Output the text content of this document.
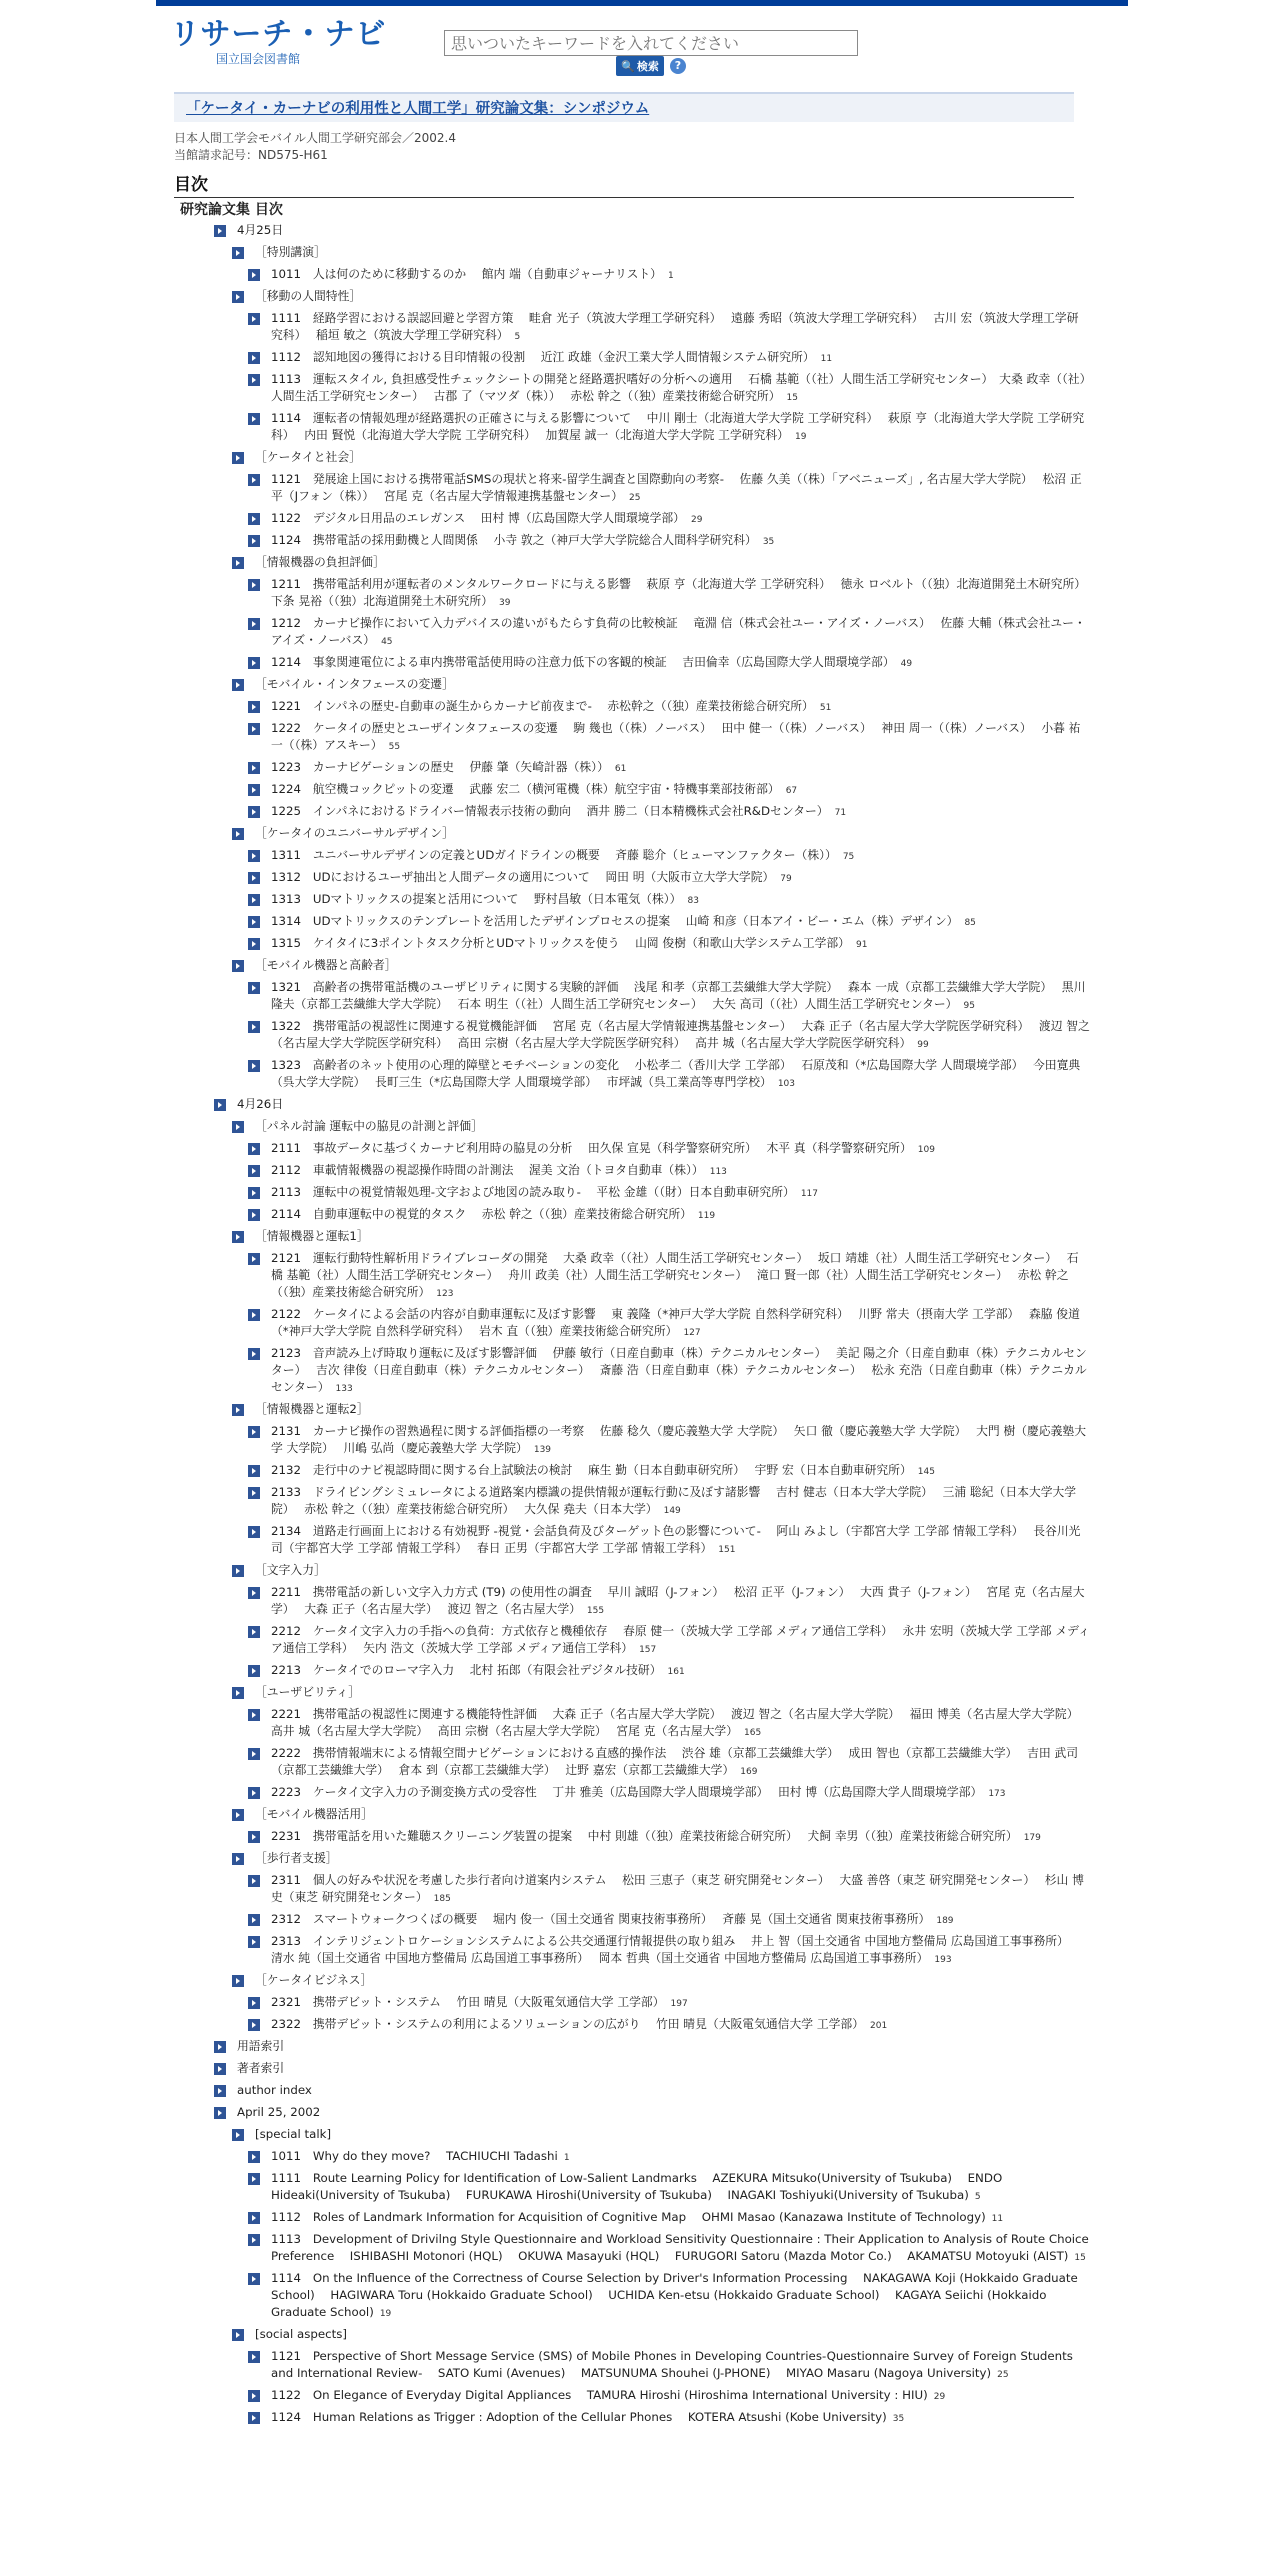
リサーチ・ナビ
国立国会図書館
思いついたキーワードを入れてください	🔍 検索	?
「ケータイ・カーナビの利用性と人間工学」研究論文集：シンポジウム
日本人間工学会モバイル人間工学研究部会／2002.4
当館請求記号：ND575-H61
目次
研究論文集 目次
4月25日
［特別講演］
1011　人は何のために移動するのか　 館内 端（自動車ジャーナリスト） 1
［移動の人間特性］
1111　経路学習における誤認回避と学習方策　 畦倉 光子（筑波大学理工学研究科）　 遠藤 秀昭（筑波大学理工学研究科）　 古川 宏（筑波大学理工学研究科）　 稲垣 敏之（筑波大学理工学研究科） 5
1112　認知地図の獲得における目印情報の役割　 近江 政雄（金沢工業大学人間情報システム研究所） 11
1113　運転スタイル, 負担感受性チェックシートの開発と経路選択嗜好の分析への適用　 石橋 基範（（社）人間生活工学研究センター）　大桑 政幸（（社）人間生活工学研究センター）　 古郡 了（マツダ（株））　 赤松 幹之（（独）産業技術総合研究所） 15
1114　運転者の情報処理が経路選択の正確さに与える影響について　 中川 剛士（北海道大学大学院 工学研究科）　 萩原 亨（北海道大学大学院 工学研究科）　 内田 賢悦（北海道大学大学院 工学研究科）　 加賀屋 誠一（北海道大学大学院 工学研究科） 19
［ケータイと社会］
1121　発展途上国における携帯電話SMSの現状と将来-留学生調査と国際動向の考察-　 佐藤 久美（（株）「アベニューズ」, 名古屋大学大学院）　 松沼 正平（Jフォン（株））　 宮尾 克（名古屋大学情報連携基盤センター） 25
1122　デジタル日用品のエレガンス　 田村 博（広島国際大学人間環境学部） 29
1124　携帯電話の採用動機と人間関係　 小寺 敦之（神戸大学大学院総合人間科学研究科） 35
［情報機器の負担評価］
1211　携帯電話利用が運転者のメンタルワークロードに与える影響　 萩原 亨（北海道大学 工学研究科）　 徳永 ロベルト（（独）北海道開発土木研究所）　 下条 晃裕（（独）北海道開発土木研究所） 39
1212　カーナビ操作において入力デバイスの違いがもたらす負荷の比較検証　 竜淵 信（株式会社ユー・アイズ・ノーバス）　 佐藤 大輔（株式会社ユー・アイズ・ノーバス） 45
1214　事象関連電位による車内携帯電話使用時の注意力低下の客観的検証　 吉田倫幸（広島国際大学人間環境学部） 49
［モバイル・インタフェースの変遷］
1221　インパネの歴史-自動車の誕生からカーナビ前夜まで-　 赤松幹之（（独）産業技術総合研究所） 51
1222　ケータイの歴史とユーザインタフェースの変遷　 駒 幾也（（株）ノーバス）　 田中 健一（（株）ノーバス）　 神田 周一（（株）ノーバス）　 小暮 祐一（（株）アスキー） 55
1223　カーナビゲーションの歴史　 伊藤 肇（矢崎計器（株）） 61
1224　航空機コックピットの変遷　 武藤 宏二（横河電機（株）航空宇宙・特機事業部技術部） 67
1225　インパネにおけるドライバー情報表示技術の動向　 酒井 勝二（日本精機株式会社R&Dセンター） 71
［ケータイのユニバーサルデザイン］
1311　ユニバーサルデザインの定義とUDガイドラインの概要　 斉藤 聡介（ヒューマンファクター（株）） 75
1312　UDにおけるユーザ抽出と人間データの適用について　 岡田 明（大阪市立大学大学院） 79
1313　UDマトリックスの提案と活用について　 野村昌敏（日本電気（株）） 83
1314　UDマトリックスのテンプレートを活用したデザインプロセスの提案　 山崎 和彦（日本アイ・ビー・エム（株）デザイン） 85
1315　ケイタイに3ポイントタスク分析とUDマトリックスを使う　 山岡 俊樹（和歌山大学システム工学部） 91
［モバイル機器と高齢者］
1321　高齢者の携帯電話機のユーザビリティに関する実験的評価　 浅尾 和孝（京都工芸繊維大学大学院）　 森本 一成（京都工芸繊維大学大学院）　 黒川 隆夫（京都工芸繊維大学大学院）　 石本 明生（（社）人間生活工学研究センター）　 大矢 高司（（社）人間生活工学研究センター） 95
1322　携帯電話の視認性に関連する視覚機能評価　 宮尾 克（名古屋大学情報連携基盤センター）　 大森 正子（名古屋大学大学院医学研究科）　 渡辺 智之（名古屋大学大学院医学研究科）　 高田 宗樹（名古屋大学大学院医学研究科）　 高井 城（名古屋大学大学院医学研究科） 99
1323　高齢者のネット使用の心理的障壁とモチベーションの変化　 小松孝二（香川大学 工学部）　 石原茂和（*広島国際大学 人間環境学部）　 今田寛典（呉大学大学院）　 長町三生（*広島国際大学 人間環境学部）　 市坪誠（呉工業高等専門学校） 103
4月26日
［パネル討論 運転中の脇見の計測と評価］
2111　事故データに基づくカーナビ利用時の脇見の分析　 田久保 宣晃（科学警察研究所）　 木平 真（科学警察研究所） 109
2112　車載情報機器の視認操作時間の計測法　 渥美 文治（トヨタ自動車（株）） 113
2113　運転中の視覚情報処理-文字および地図の読み取り-　 平松 金雄（（財）日本自動車研究所） 117
2114　自動車運転中の視覚的タスク　 赤松 幹之（（独）産業技術総合研究所） 119
［情報機器と運転1］
2121　運転行動特性解析用ドライブレコーダの開発　 大桑 政幸（（社）人間生活工学研究センター）　 坂口 靖雄（社）人間生活工学研究センター）　 石橋 基範（社）人間生活工学研究センター）　 舟川 政美（社）人間生活工学研究センター）　 滝口 賢一郎（社）人間生活工学研究センター）　 赤松 幹之（（独）産業技術総合研究所） 123
2122　ケータイによる会話の内容が自動車運転に及ぼす影響　 東 義隆（*神戸大学大学院 自然科学研究科）　 川野 常夫（摂南大学 工学部）　 森脇 俊道（*神戸大学大学院 自然科学研究科）　 岩木 直（（独）産業技術総合研究所） 127
2123　音声読み上げ時取り運転に及ぼす影響評価　 伊藤 敏行（日産自動車（株）テクニカルセンター）　 美記 陽之介（日産自動車（株）テクニカルセンター）　 吉次 律俊（日産自動車（株）テクニカルセンター）　 斎藤 浩（日産自動車（株）テクニカルセンター）　 松永 充浩（日産自動車（株）テクニカルセンター） 133
［情報機器と運転2］
2131　カーナビ操作の習熟過程に関する評価指標の一考察　 佐藤 稔久（慶応義塾大学 大学院）　 矢口 徹（慶応義塾大学 大学院）　 大門 樹（慶応義塾大学 大学院）　 川嶋 弘尚（慶応義塾大学 大学院） 139
2132　走行中のナビ視認時間に関する台上試験法の検討　 麻生 勤（日本自動車研究所）　 宇野 宏（日本自動車研究所） 145
2133　ドライビングシミュレータによる道路案内標識の提供情報が運転行動に及ぼす諸影響　 吉村 健志（日本大学大学院）　 三浦 聡紀（日本大学大学院）　 赤松 幹之（（独）産業技術総合研究所）　 大久保 堯夫（日本大学） 149
2134　道路走行画面上における有効視野 -視覚・会話負荷及びターゲット色の影響について-　 阿山 みよし（宇都宮大学 工学部 情報工学科）　 長谷川光司（宇都宮大学 工学部 情報工学科）　 春日 正男（宇都宮大学 工学部 情報工学科） 151
［文字入力］
2211　携帯電話の新しい文字入力方式 (T9) の使用性の調査　 早川 誠昭（J-フォン）　 松沼 正平（J-フォン）　 大西 貴子（J-フォン）　 宮尾 克（名古屋大学）　 大森 正子（名古屋大学）　 渡辺 智之（名古屋大学） 155
2212　ケータイ文字入力の手指への負荷：方式依存と機種依存　 春原 健一（茨城大学 工学部 メディア通信工学科）　 永井 宏明（茨城大学 工学部 メディア通信工学科）　 矢内 浩文（茨城大学 工学部 メディア通信工学科） 157
2213　ケータイでのローマ字入力　 北村 拓郎（有限会社デジタル技研） 161
［ユーザビリティ］
2221　携帯電話の視認性に関連する機能特性評価　 大森 正子（名古屋大学大学院）　 渡辺 智之（名古屋大学大学院）　 福田 博美（名古屋大学大学院）　 高井 城（名古屋大学大学院）　 高田 宗樹（名古屋大学大学院）　 宮尾 克（名古屋大学） 165
2222　携帯情報端末による情報空間ナビゲーションにおける直感的操作法　 渋谷 雄（京都工芸繊維大学）　 成田 智也（京都工芸繊維大学）　 吉田 武司（京都工芸繊維大学）　 倉本 到（京都工芸繊維大学）　 辻野 嘉宏（京都工芸繊維大学） 169
2223　ケータイ文字入力の予測変換方式の受容性　 丁井 雅美（広島国際大学人間環境学部）　 田村 博（広島国際大学人間環境学部） 173
［モバイル機器活用］
2231　携帯電話を用いた難聴スクリーニング装置の提案　 中村 則雄（（独）産業技術総合研究所）　 犬飼 幸男（（独）産業技術総合研究所） 179
［歩行者支援］
2311　個人の好みや状況を考慮した歩行者向け道案内システム　 松田 三恵子（東芝 研究開発センター）　 大盛 善啓（東芝 研究開発センター）　 杉山 博史（東芝 研究開発センター） 185
2312　スマートウォークつくばの概要　 堀内 俊一（国土交通省 関東技術事務所）　 斉藤 晃（国土交通省 関東技術事務所） 189
2313　インテリジェントロケーションシステムによる公共交通運行情報提供の取り組み　 井上 智（国土交通省 中国地方整備局 広島国道工事事務所）　 清水 純（国土交通省 中国地方整備局 広島国道工事事務所）　 岡本 哲典（国土交通省 中国地方整備局 広島国道工事事務所） 193
［ケータイビジネス］
2321　携帯デビット・システム　 竹田 晴見（大阪電気通信大学 工学部） 197
2322　携帯デビット・システムの利用によるソリューションの広がり　 竹田 晴見（大阪電気通信大学 工学部） 201
用語索引
著者索引
author index
April 25, 2002
[special talk]
1011　Why do they move?　 TACHIUCHI Tadashi 1
1111　Route Learning Policy for Identification of Low-Salient Landmarks　 AZEKURA Mitsuko(University of Tsukuba)　 ENDO Hideaki(University of Tsukuba)　 FURUKAWA Hiroshi(University of Tsukuba)　 INAGAKI Toshiyuki(University of Tsukuba) 5
1112　Roles of Landmark Information for Acquisition of Cognitive Map　 OHMI Masao (Kanazawa Institute of Technology) 11
1113　Development of Drivilng Style Questionnaire and Workload Sensitivity Questionnaire : Their Application to Analysis of Route Choice Preference　 ISHIBASHI Motonori (HQL)　 OKUWA Masayuki (HQL)　 FURUGORI Satoru (Mazda Motor Co.)　 AKAMATSU Motoyuki (AIST) 15
1114　On the Influence of the Correctness of Course Selection by Driver's Information Processing　 NAKAGAWA Koji (Hokkaido Graduate School)　 HAGIWARA Toru (Hokkaido Graduate School)　 UCHIDA Ken-etsu (Hokkaido Graduate School)　 KAGAYA Seiichi (Hokkaido Graduate School) 19
[social aspects]
1121　Perspective of Short Message Service (SMS) of Mobile Phones in Developing Countries-Questionnaire Survey of Foreign Students and International Review-　 SATO Kumi (Avenues)　 MATSUNUMA Shouhei (J-PHONE)　 MIYAO Masaru (Nagoya University) 25
1122　On Elegance of Everyday Digital Appliances　 TAMURA Hiroshi (Hiroshima International University : HIU) 29
1124　Human Relations as Trigger : Adoption of the Cellular Phones　 KOTERA Atsushi (Kobe University) 35
